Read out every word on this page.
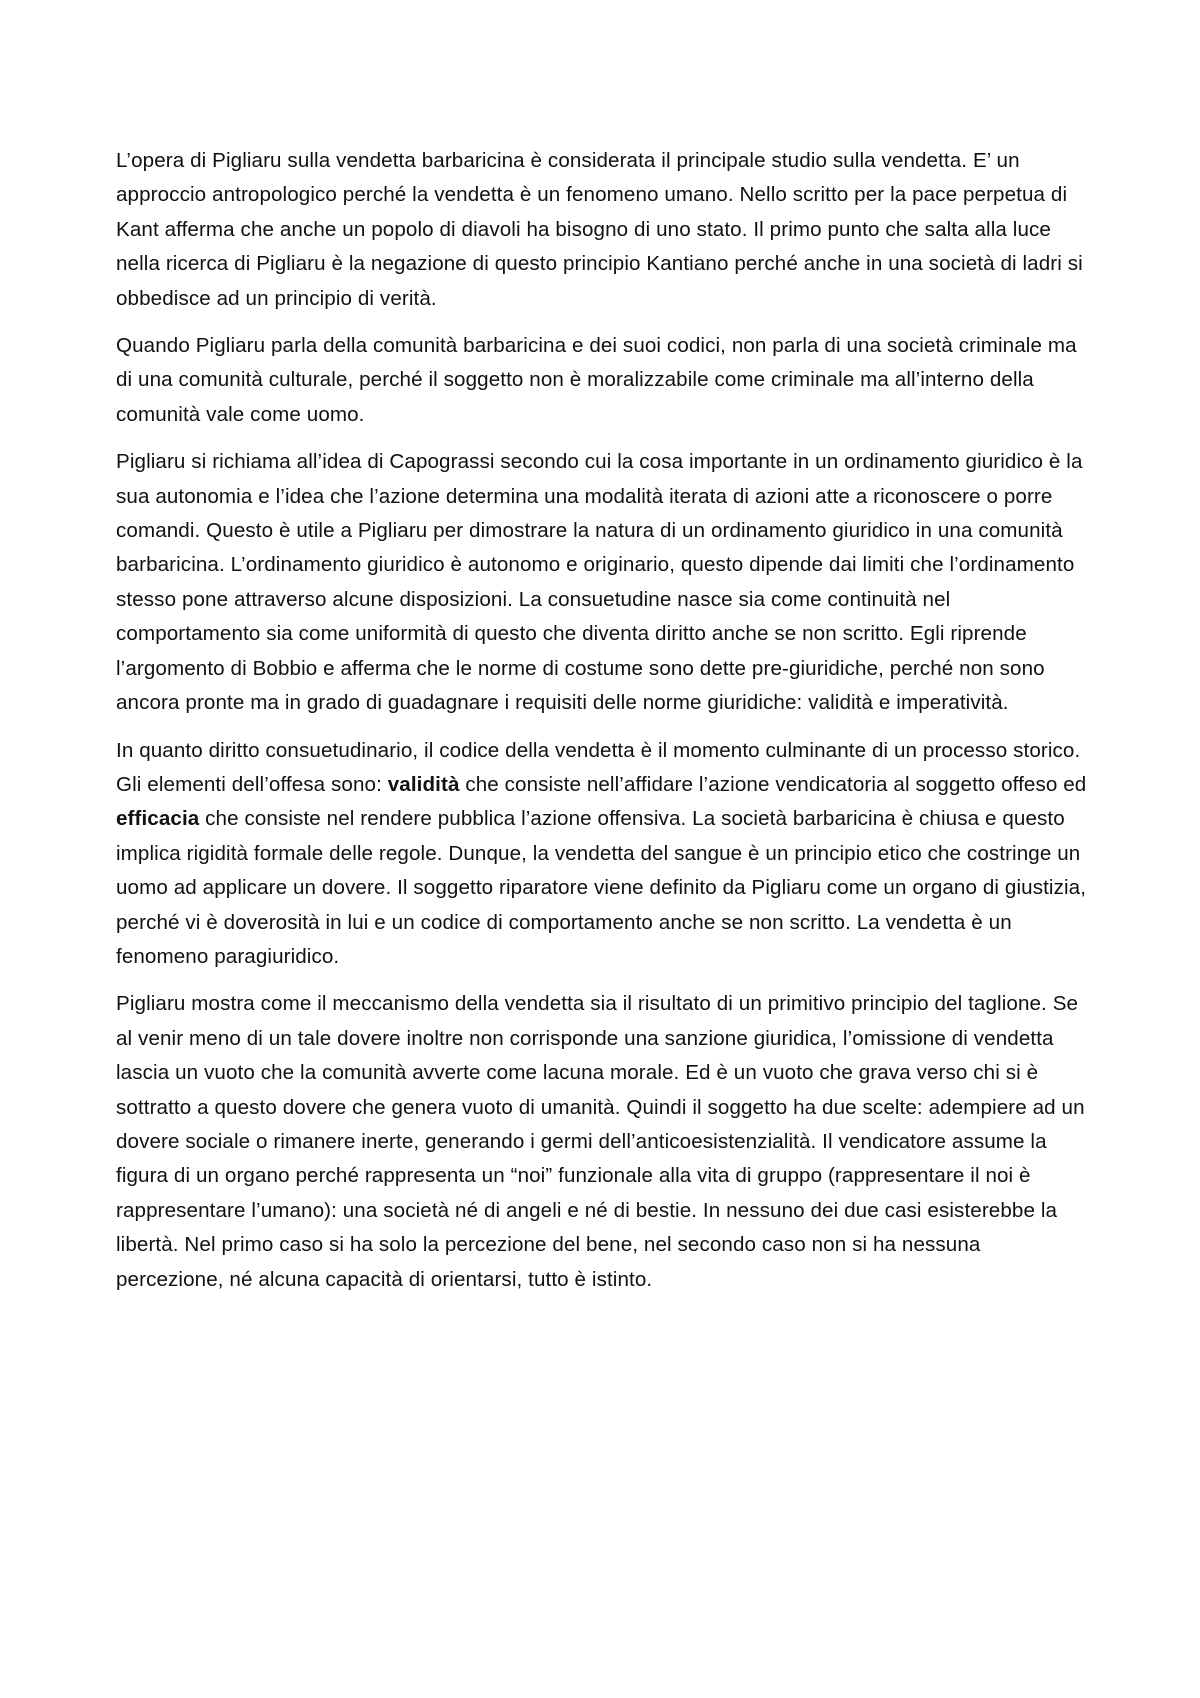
L’opera di Pigliaru sulla vendetta barbaricina è considerata il principale studio sulla vendetta. E’ un approccio antropologico perché la vendetta è un fenomeno umano. Nello scritto per la pace perpetua di Kant afferma che anche un popolo di diavoli ha bisogno di uno stato. Il primo punto che salta alla luce nella ricerca di Pigliaru è la negazione di questo principio Kantiano perché anche in una società di ladri si obbedisce ad un principio di verità.

Quando Pigliaru parla della comunità barbaricina e dei suoi codici, non parla di una società criminale ma di una comunità culturale, perché il soggetto non è moralizzabile come criminale ma all’interno della comunità vale come uomo.

Pigliaru si richiama all’idea di Capograssi secondo cui la cosa importante in un ordinamento giuridico è la sua autonomia e l’idea che l’azione determina una modalità iterata di azioni atte a riconoscere o porre comandi. Questo è utile a Pigliaru per dimostrare la natura di un ordinamento giuridico in una comunità barbaricina. L’ordinamento giuridico è autonomo e originario, questo dipende dai limiti che l’ordinamento stesso pone attraverso alcune disposizioni. La consuetudine nasce sia come continuità nel comportamento sia come uniformità di questo che diventa diritto anche se non scritto. Egli riprende l’argomento di Bobbio e afferma che le norme di costume sono dette pre-giuridiche, perché non sono ancora pronte ma in grado di guadagnare i requisiti delle norme giuridiche: validità e imperatività.

In quanto diritto consuetudinario, il codice della vendetta è il momento culminante di un processo storico. Gli elementi dell’offesa sono: validità che consiste nell’affidare l’azione vendicatoria al soggetto offeso ed efficacia che consiste nel rendere pubblica l’azione offensiva. La società barbaricina è chiusa e questo implica rigidità formale delle regole. Dunque, la vendetta del sangue è un principio etico che costringe un uomo ad applicare un dovere. Il soggetto riparatore viene definito da Pigliaru come un organo di giustizia, perché vi è doverosità in lui e un codice di comportamento anche se non scritto. La vendetta è un fenomeno paragiuridico.

Pigliaru mostra come il meccanismo della vendetta sia il risultato di un primitivo principio del taglione. Se al venir meno di un tale dovere inoltre non corrisponde una sanzione giuridica, l’omissione di vendetta lascia un vuoto che la comunità avverte come lacuna morale. Ed è un vuoto che grava verso chi si è sottratto a questo dovere che genera vuoto di umanità. Quindi il soggetto ha due scelte: adempiere ad un dovere sociale o rimanere inerte, generando i germi dell’anticoesistenzialità. Il vendicatore assume la figura di un organo perché rappresenta un “noi” funzionale alla vita di gruppo (rappresentare il noi è rappresentare l’umano): una società né di angeli e né di bestie. In nessuno dei due casi esisterebbe la libertà. Nel primo caso si ha solo la percezione del bene, nel secondo caso non si ha nessuna percezione, né alcuna capacità di orientarsi, tutto è istinto.
